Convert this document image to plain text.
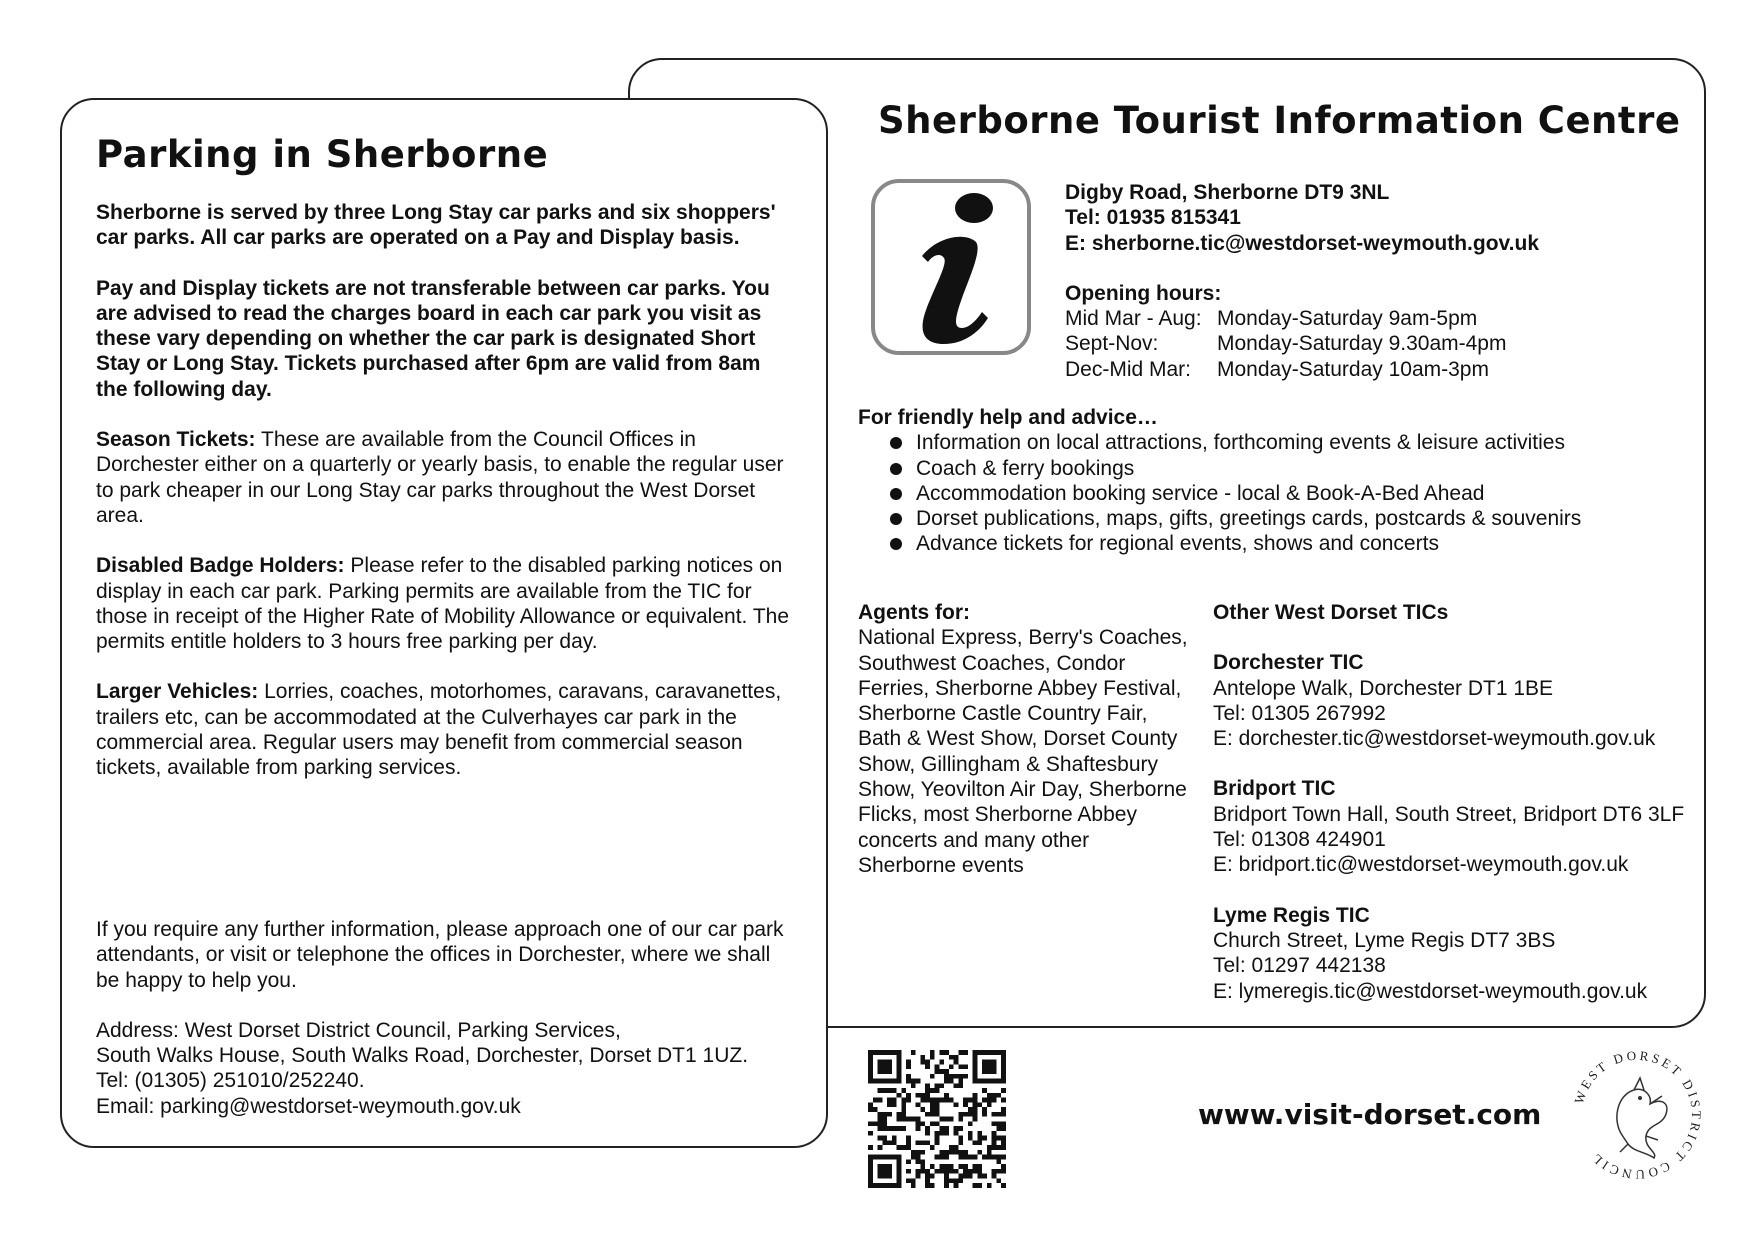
Parking in Sherborne

Sherborne is served by three Long Stay car parks and six shoppers' car parks. All car parks are operated on a Pay and Display basis.

Pay and Display tickets are not transferable between car parks. You are advised to read the charges board in each car park you visit as these vary depending on whether the car park is designated Short Stay or Long Stay. Tickets purchased after 6pm are valid from 8am the following day.

Season Tickets: These are available from the Council Offices in Dorchester either on a quarterly or yearly basis, to enable the regular user to park cheaper in our Long Stay car parks throughout the West Dorset area.

Disabled Badge Holders: Please refer to the disabled parking notices on display in each car park. Parking permits are available from the TIC for those in receipt of the Higher Rate of Mobility Allowance or equivalent. The permits entitle holders to 3 hours free parking per day.

Larger Vehicles: Lorries, coaches, motorhomes, caravans, caravanettes, trailers etc, can be accommodated at the Culverhayes car park in the commercial area. Regular users may benefit from commercial season tickets, available from parking services.

If you require any further information, please approach one of our car park attendants, or visit or telephone the offices in Dorchester, where we shall be happy to help you.

Address: West Dorset District Council, Parking Services,

South Walks House, South Walks Road, Dorchester, Dorset DT1 1UZ.

Tel: (01305) 251010/252240.

Email: parking@westdorset-weymouth.gov.uk

Sherborne Tourist Information Centre

Digby Road, Sherborne DT9 3NL

Tel: 01935 815341

E: sherborne.tic@westdorset-weymouth.gov.uk

Opening hours:

Mid Mar - Aug: Monday-Saturday 9am-5pm
Sept-Nov:	Monday-Saturday 9.30am-4pm
Dec-Mid Mar:	Monday-Saturday 10am-3pm

For friendly help and advice…

Information on local attractions, forthcoming events & leisure activities
Coach & ferry bookings
Accommodation booking service - local & Book-A-Bed Ahead
Dorset publications, maps, gifts, greetings cards, postcards & souvenirs
Advance tickets for regional events, shows and concerts

Agents for:

National Express, Berry's Coaches, Southwest Coaches, Condor Ferries, Sherborne Abbey Festival, Sherborne Castle Country Fair, Bath & West Show, Dorset County Show, Gillingham & Shaftesbury Show, Yeovilton Air Day, Sherborne Flicks, most Sherborne Abbey concerts and many other Sherborne events

Other West Dorset TICs

Dorchester TIC

Antelope Walk, Dorchester DT1 1BE

Tel: 01305 267992

E: dorchester.tic@westdorset-weymouth.gov.uk

Bridport TIC

Bridport Town Hall, South Street, Bridport DT6 3LF

Tel: 01308 424901

E: bridport.tic@westdorset-weymouth.gov.uk

Lyme Regis TIC

Church Street, Lyme Regis DT7 3BS

Tel: 01297 442138

E: lymeregis.tic@westdorset-weymouth.gov.uk

www.visit-dorset.com
WEST DORSET DISTRICT COUNCIL
